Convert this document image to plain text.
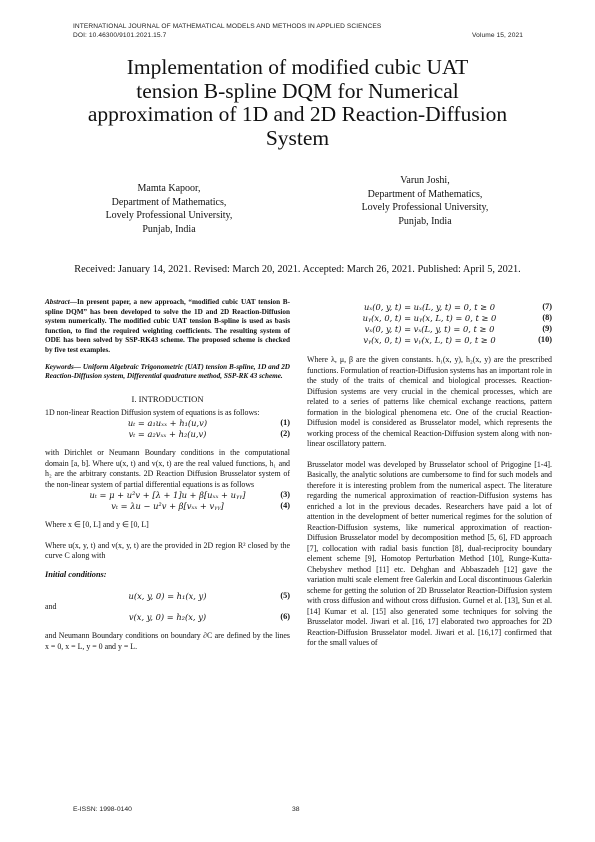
INTERNATIONAL JOURNAL OF MATHEMATICAL MODELS AND METHODS IN APPLIED SCIENCES
DOI: 10.46300/9101.2021.15.7	Volume 15, 2021
Implementation of modified cubic UAT
tension B-spline DQM for Numerical
approximation of 1D and 2D Reaction-Diffusion
System
Mamta Kapoor,
Department of Mathematics,
Lovely Professional University,
Punjab, India
Varun Joshi,
Department of Mathematics,
Lovely Professional University,
Punjab, India
Received: January 14, 2021. Revised: March 20, 2021. Accepted: March 26, 2021. Published: April 5, 2021.

Abstract—In present paper, a new approach, “modified cubic UAT tension B-spline DQM” has been developed to solve the 1D and 2D Reaction-Diffusion system numerically. The modified cubic UAT tension B-spline is used as basis function, to find the required weighting coefficients. The resulting system of ODE has been solved by SSP-RK43 scheme. The proposed scheme is checked by five test examples.

Keywords— Uniform Algebraic Trigonometric (UAT) tension B-spline, 1D and 2D Reaction-Diffusion system, Differential quadrature method, SSP-RK 43 scheme.

I. INTRODUCTION

1D non-linear Reaction Diffusion system of equations is as follows:

uₜ = a₁uₓₓ + h₁(u,v)	(1)
vₜ = a₂vₓₓ + h₂(u,v)	(2)

with Dirichlet or Neumann Boundary conditions in the computational domain [a, b]. Where u(x, t) and v(x, t) are the real valued functions, h₁ and h₂ are the arbitrary constants. 2D Reaction Diffusion Brusselator system of the non-linear system of partial differential equations is as follows

uₜ = μ + u²v + [λ + 1]u + β[uₓₓ + uᵧᵧ]	(3)
vₜ = λu − u²v + β[vₓₓ + vᵧᵧ]	(4)

Where x ∈ [0, L] and y ∈ [0, L]

Where u(x, y, t) and v(x, y, t) are the provided in 2D region R² closed by the curve C along with

Initial conditions:
u(x, y, 0) = h₁(x, y)	(5)

and

v(x, y, 0) = h₂(x, y)	(6)

and Neumann Boundary conditions on boundary ∂C are defined by the lines x = 0, x = L, y = 0 and y = L.

uₓ(0, y, t) = uₓ(L, y, t) = 0, t ≥ 0	(7)
uᵧ(x, 0, t) = uᵧ(x, L, t) = 0, t ≥ 0	(8)
vₓ(0, y, t) = vₓ(L, y, t) = 0, t ≥ 0	(9)
vᵧ(x, 0, t) = vᵧ(x, L, t) = 0, t ≥ 0	(10)

Where λ, μ, β are the given constants. h₁(x, y), h₂(x, y) are the prescribed functions. Formulation of reaction-Diffusion systems has an important role in the study of the traits of chemical and biological processes. Reaction-Diffusion systems are very crucial in the chemical processes, which are related to a series of patterns like chemical exchange reactions, pattern formation in the biological phenomena etc. One of the crucial Reaction-Diffusion model is considered as Brusselator model, which represents the working process of the chemical Reaction-Diffusion system along with non-linear oscillatory pattern.

Brusselator model was developed by Brusselator school of Prigogine [1-4]. Basically, the analytic solutions are cumbersome to find for such models and therefore it is interesting problem from the numerical aspect. The literature regarding the numerical approximation of reaction-Diffusion systems has enriched a lot in the previous decades. Researchers have paid a lot of attention in the development of better numerical regimes for the solution of Reaction-Diffusion systems, like numerical approximation of reaction-Diffusion Brusselator model by decomposition method [5, 6], FD approach [7], collocation with radial basis function [8], dual-reciprocity boundary element scheme [9], Homotop Perturbation Method [10], Runge-Kutta-Chebyshev method [11] etc. Dehghan and Abbaszadeh [12] gave the variation multi scale element free Galerkin and Local discontinuous Galerkin scheme for getting the solution of 2D Brusselator Reaction-Diffusion system with cross diffusion and without cross diffusion. Gurnel et al. [13], Sun et al. [14] Kumar et al. [15] also generated some techniques for solving the Brusselator model. Jiwari et al. [16, 17] elaborated two approaches for 2D Reaction-Diffusion Brusselator model. Jiwari et al. [16,17] confirmed that for the small values of

E-ISSN: 1998-0140	38
